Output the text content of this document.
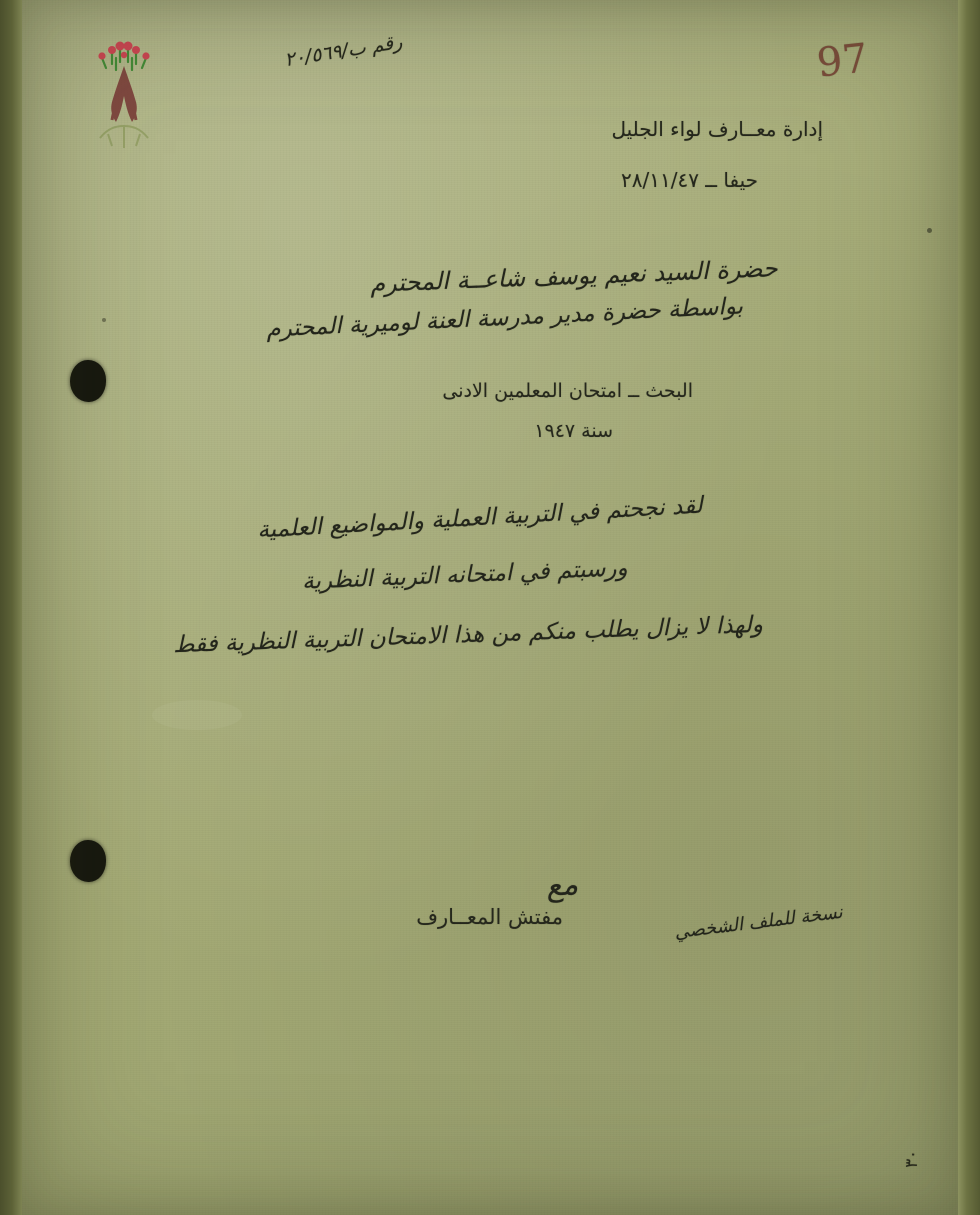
رقم ب/٢٠/٥٦٩	97
إدارة معــارف لواء الجليل
حيفا ــ ٢٨/١١/٤٧
حضرة السيد نعيم يوسف شاعــة المحترم
بواسطة حضرة مدير مدرسة العنة لوميرية المحترم
البحث ــ امتحان المعلمين الادنى
سنة ١٩٤٧
لقد نجحتم في التربية العملية والمواضيع العلمية
ورسبتم في امتحانه التربية النظرية
ولهذا لا يزال يطلب منكم من هذا الامتحان التربية النظرية فقط
مع
مفتش المعــارف	نسخة للملف الشخصي
٣٠
